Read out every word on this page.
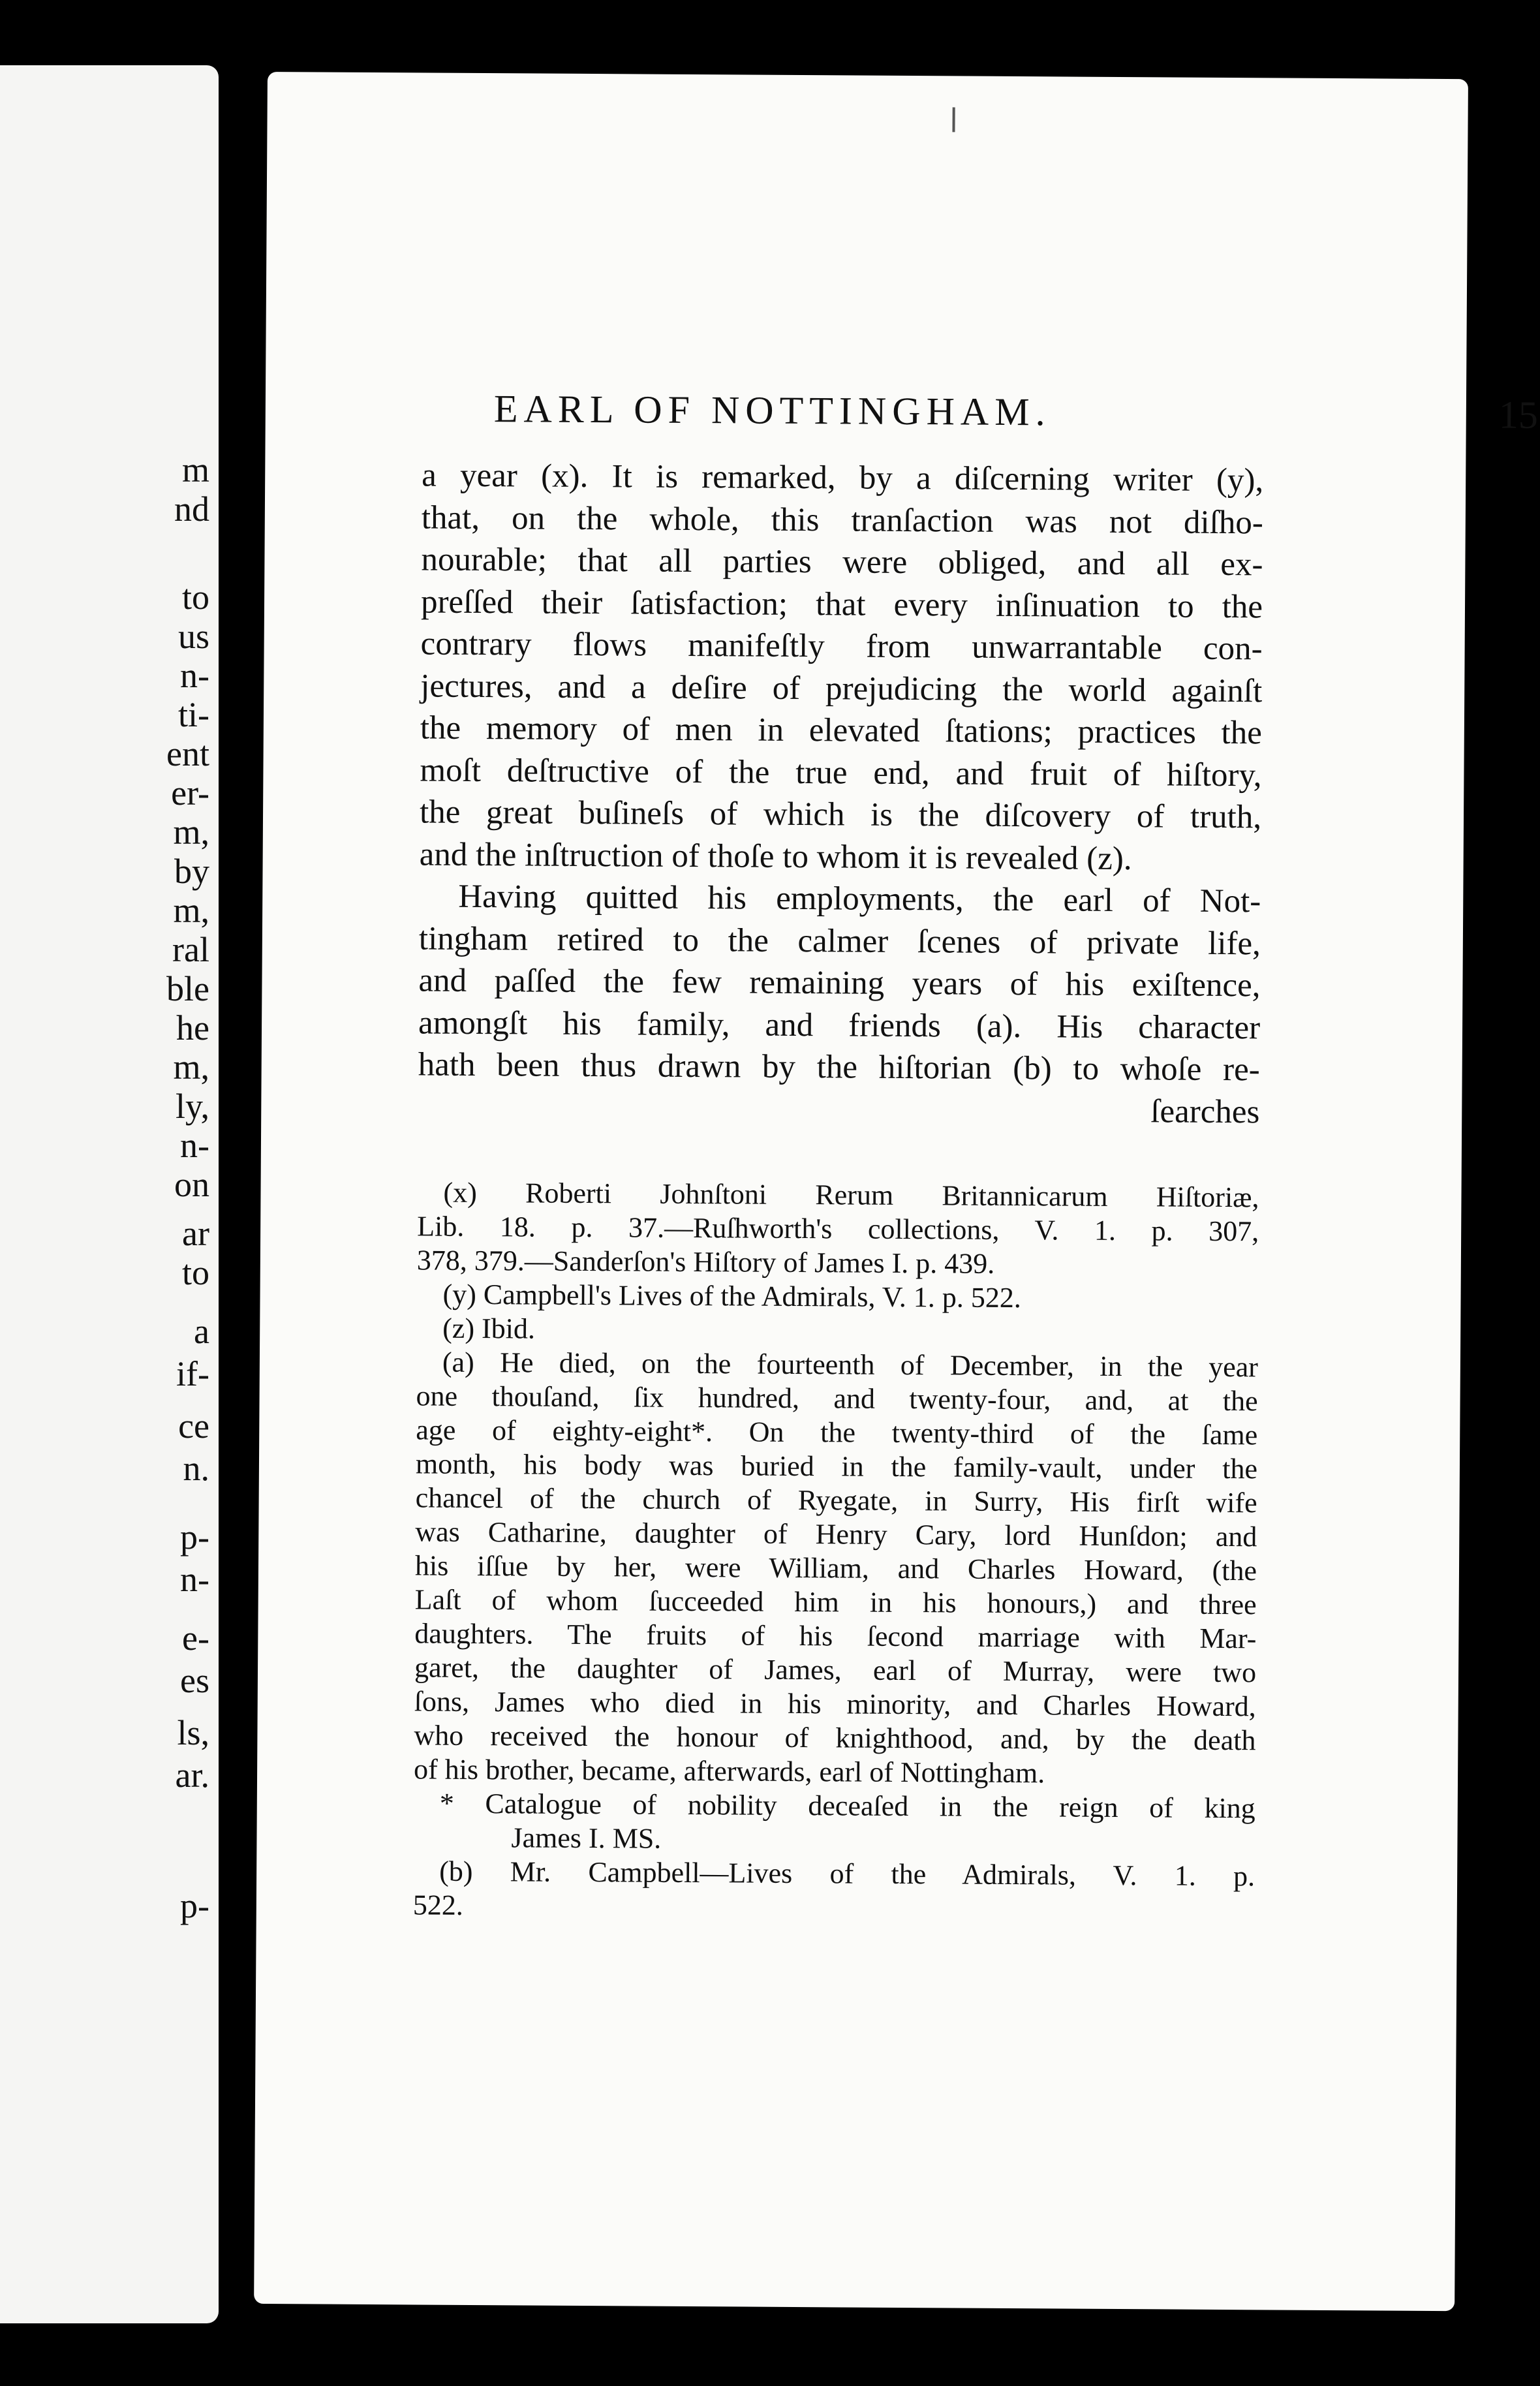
m
nd
to
us
n-
ti-
ent
er-
m,
by
m,
ral
ble
he
m,
ly,
n-
on
ar
to
a
if-
ce
n.
p-
n-
e-
es
ls,
ar.
p-
EARL OF NOTTINGHAM.	15
a year (x). It is remarked, by a diſcerning writer (y),
that, on the whole, this tranſaction was not diſho-
nourable; that all parties were obliged, and all ex-
preſſed their ſatisfaction; that every inſinuation to the
contrary flows manifeſtly from unwarrantable con-
jectures, and a deſire of prejudicing the world againſt
the memory of men in elevated ſtations; practices the
moſt deſtructive of the true end, and fruit of hiſtory,
the great buſineſs of which is the diſcovery of truth,
and the inſtruction of thoſe to whom it is revealed (z).
Having quitted his employments, the earl of Not-
tingham retired to the calmer ſcenes of private life,
and paſſed the few remaining years of his exiſtence,
amongſt his family, and friends (a). His character
hath been thus drawn by the hiſtorian (b) to whoſe re-
ſearches
(x) Roberti Johnſtoni Rerum Britannicarum Hiſtoriæ,
Lib. 18. p. 37.—Ruſhworth's collections, V. 1. p. 307,
378, 379.—Sanderſon's Hiſtory of James I. p. 439.
(y) Campbell's Lives of the Admirals, V. 1. p. 522.
(z) Ibid.
(a) He died, on the fourteenth of December, in the year
one thouſand, ſix hundred, and twenty-four, and, at the
age of eighty-eight*. On the twenty-third of the ſame
month, his body was buried in the family-vault, under the
chancel of the church of Ryegate, in Surry, His firſt wife
was Catharine, daughter of Henry Cary, lord Hunſdon; and
his iſſue by her, were William, and Charles Howard, (the
Laſt of whom ſucceeded him in his honours,) and three
daughters. The fruits of his ſecond marriage with Mar-
garet, the daughter of James, earl of Murray, were two
ſons, James who died in his minority, and Charles Howard,
who received the honour of knighthood, and, by the death
of his brother, became, afterwards, earl of Nottingham.
* Catalogue of nobility deceaſed in the reign of king
James I. MS.
(b) Mr. Campbell—Lives of the Admirals, V. 1. p.
522.
